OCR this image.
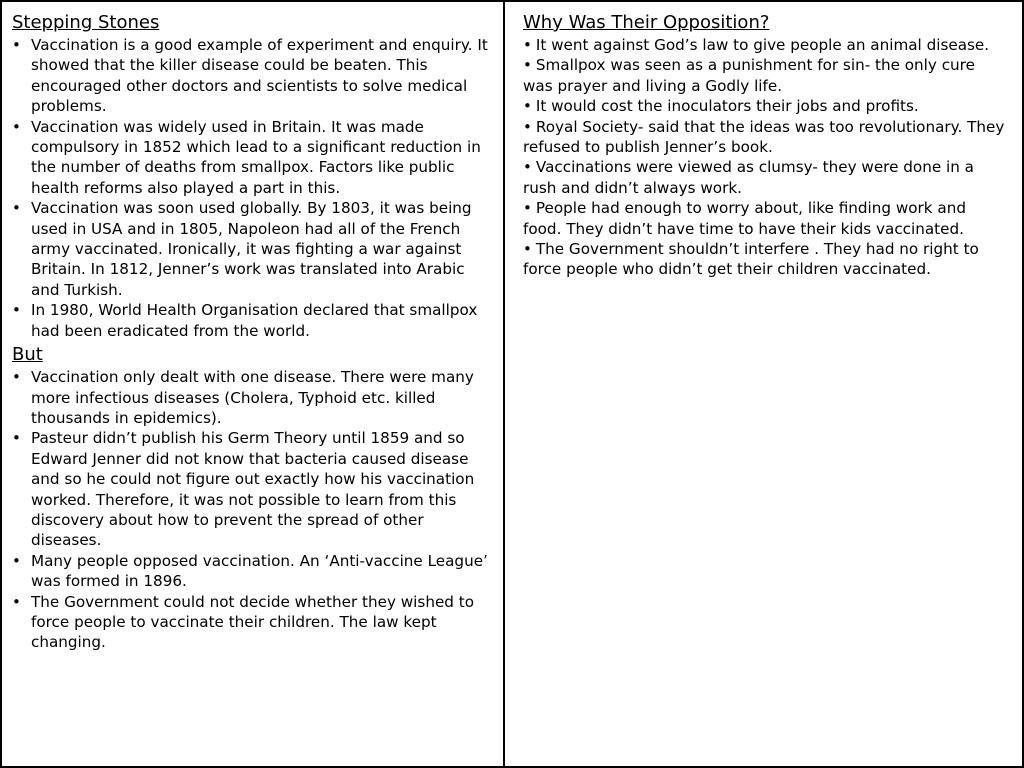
Stepping Stones
• Vaccination is a good example of experiment and enquiry. It showed that the killer disease could be beaten. This encouraged other doctors and scientists to solve medical problems.
• Vaccination was widely used in Britain. It was made compulsory in 1852 which lead to a significant reduction in the number of deaths from smallpox. Factors like public health reforms also played a part in this.
• Vaccination was soon used globally. By 1803, it was being used in USA and in 1805, Napoleon had all of the French army vaccinated. Ironically, it was fighting a war against Britain. In 1812, Jenner’s work was translated into Arabic and Turkish.
• In 1980, World Health Organisation declared that smallpox had been eradicated from the world.
But
• Vaccination only dealt with one disease. There were many more infectious diseases (Cholera, Typhoid etc. killed thousands in epidemics).
• Pasteur didn’t publish his Germ Theory until 1859 and so Edward Jenner did not know that bacteria caused disease and so he could not figure out exactly how his vaccination worked. Therefore, it was not possible to learn from this discovery about how to prevent the spread of other diseases.
• Many people opposed vaccination. An ‘Anti-vaccine League’ was formed in 1896.
• The Government could not decide whether they wished to force people to vaccinate their children. The law kept changing.
Why Was Their Opposition?
• It went against God’s law to give people an animal disease.
• Smallpox was seen as a punishment for sin- the only cure was prayer and living a Godly life.
• It would cost the inoculators their jobs and profits.
• Royal Society- said that the ideas was too revolutionary. They refused to publish Jenner’s book.
• Vaccinations were viewed as clumsy- they were done in a rush and didn’t always work.
• People had enough to worry about, like finding work and food. They didn’t have time to have their kids vaccinated.
• The Government shouldn’t interfere . They had no right to force people who didn’t get their children vaccinated.
